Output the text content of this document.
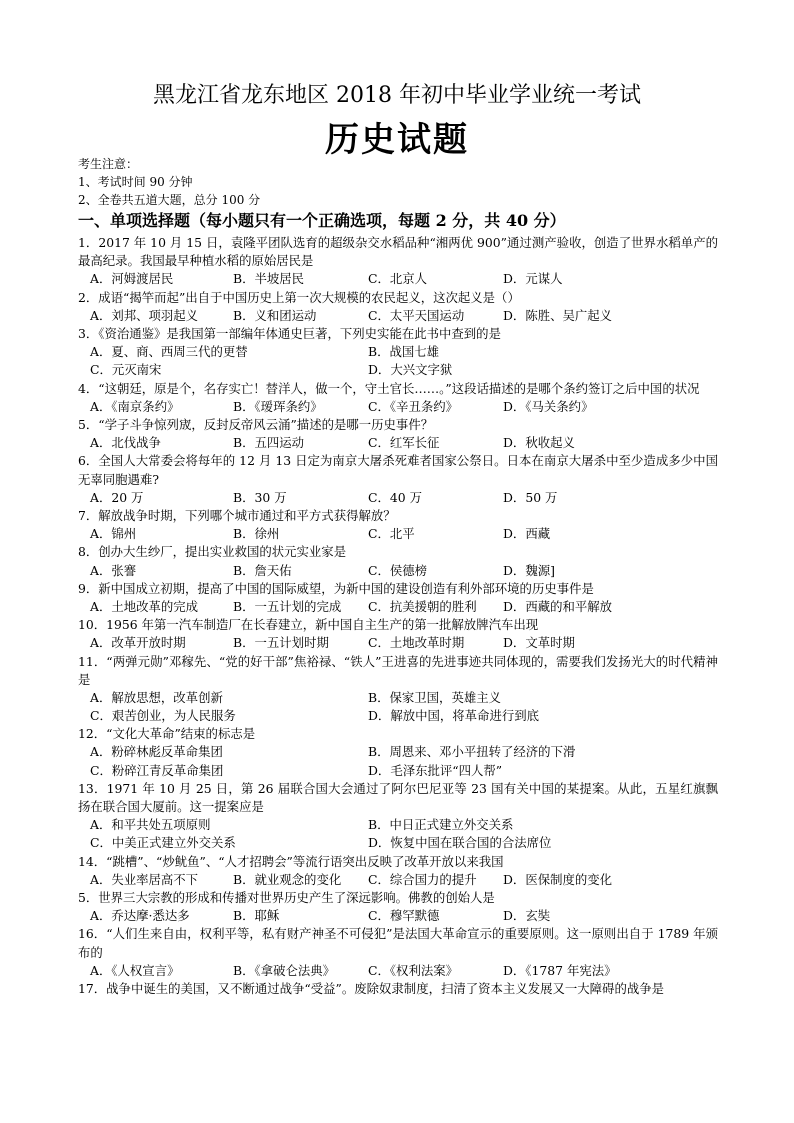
黑龙江省龙东地区 2018 年初中毕业学业统一考试
历史试题
考生注意：
1、考试时间 90 分钟
2、全卷共五道大题，总分 100 分
一、单项选择题（每小题只有一个正确选项，每题 2 分，共 40 分）

1．2017 年 10 月 15 日，袁隆平团队选育的超级杂交水稻品种“湘两优 900”通过测产验收，创造了世界水稻单产的最高纪录。我国最早种植水稻的原始居民是

A．河姆渡居民	B．半坡居民	C．北京人	D．元谋人

2．成语“揭竿而起”出自于中国历史上第一次大规模的农民起义，这次起义是（）

A．刘邦、项羽起义	B．义和团运动	C．太平天国运动	D．陈胜、吴广起义

3．《资治通鉴》是我国第一部编年体通史巨著，下列史实能在此书中查到的是

A．夏、商、西周三代的更替	B．战国七雄
C．元灭南宋	D．大兴文字狱

4．“这朝廷，原是个，名存实亡！替洋人，做一个，守土官长……。”这段话描述的是哪个条约签订之后中国的状况

A．《南京条约》	B．《瑷珲条约》	C．《辛丑条约》	D．《马关条约》

5．“学子斗争惊列宬，反封反帝风云涌”描述的是哪一历史事件？

A．北伐战争	B．五四运动	C．红军长征	D．秋收起义

6．全国人大常委会将每年的 12 月 13 日定为南京大屠杀死难者国家公祭日。日本在南京大屠杀中至少造成多少中国无辜同胞遇难?

A．20 万	B．30 万	C．40 万	D．50 万

7．解放战争时期，下列哪个城市通过和平方式获得解放？

A．锦州	B．徐州	C．北平	D．西藏

8．创办大生纱厂，提出实业救国的状元实业家是

A．张謇	B．詹天佑	C．侯德榜	D．魏源]

9．新中国成立初期，提高了中国的国际威望，为新中国的建设创造有利外部环境的历史事件是

A．土地改革的完成	B．一五计划的完成 C．抗美援朝的胜利 D．西藏的和平解放

10．1956 年第一汽车制造厂在长春建立，新中国自主生产的第一批解放牌汽车出现

A．改革开放时期	B．一五计划时期	C．土地改革时期	D．文革时期

11．“两弹元勋”邓稼先、“党的好干部”焦裕禄、“铁人”王进喜的先进事迹共同体现的，需要我们发扬光大的时代精神是

A．解放思想，改革创新	B．保家卫国，英雄主义
C．艰苦创业，为人民服务	D．解放中国，将革命进行到底

12．“文化大革命”结束的标志是

A．粉碎林彪反革命集团	B．周恩来、邓小平扭转了经济的下滑
C．粉碎江青反革命集团	D．毛泽东批评“四人帮”

13．1971 年 10 月 25 日，第 26 届联合国大会通过了阿尔巴尼亚等 23 国有关中国的某提案。从此，五星红旗飘扬在联合国大厦前。这一提案应是

A．和平共处五项原则	B．中日正式建立外交关系
C．中美正式建立外交关系	D．恢复中国在联合国的合法席位

14．“跳槽”、“炒鱿鱼”、“人才招聘会”等流行语突出反映了改革开放以来我国

A．失业率居高不下	B．就业观念的变化 C．综合国力的提升 D．医保制度的变化

5．世界三大宗教的形成和传播对世界历史产生了深远影响。佛教的创始人是

A．乔达摩·悉达多	B．耶稣	C．穆罕默德	D．玄奘

16．“人们生来自由，权利平等，私有财产神圣不可侵犯”是法国大革命宣示的重要原则。这一原则出自于 1789 年颁布的

A．《人权宣言》	B．《拿破仑法典》	C．《权利法案》	D．《1787 年宪法》

17．战争中诞生的美国，又不断通过战争“受益”。废除奴隶制度，扫清了资本主义发展又一大障碍的战争是
